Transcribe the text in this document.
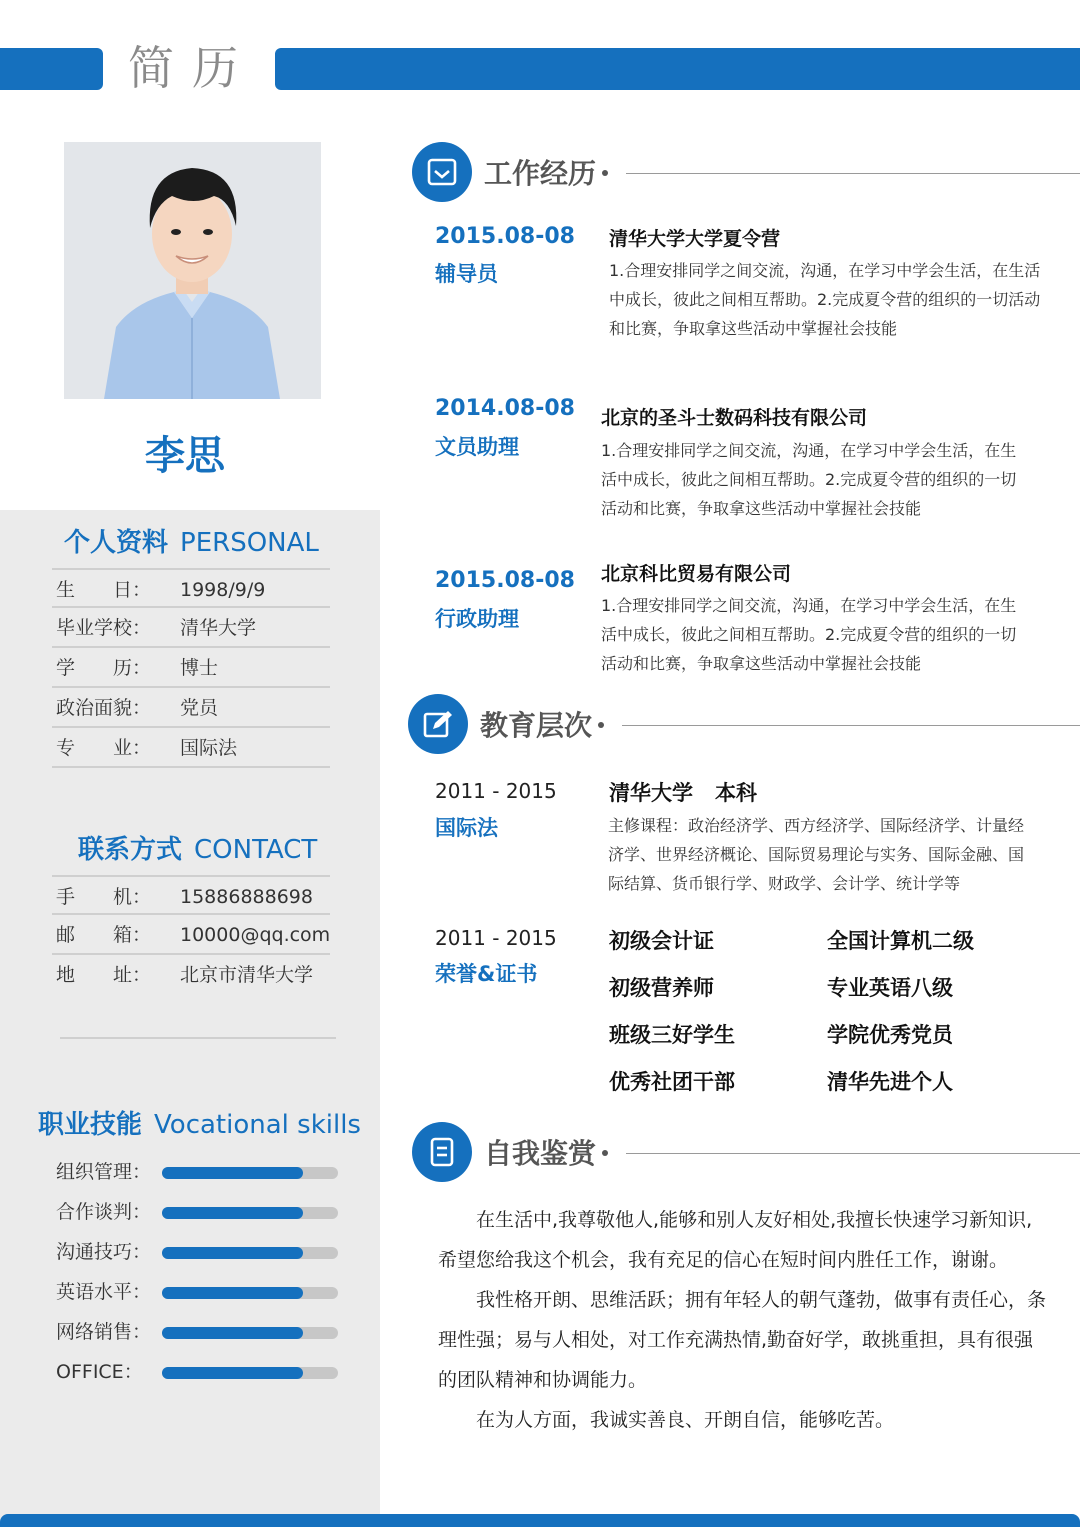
简历
李思
个人资料 PERSONAL
生　　日：	1998/9/9
毕业学校：	清华大学
学　　历：	博士
政治面貌：	党员
专　　业：	国际法
联系方式 CONTACT
手　　机：	15886888698
邮　　箱：	10000@qq.com
地　　址：	北京市清华大学
职业技能 Vocational skills
组织管理：
合作谈判：
沟通技巧：
英语水平：
网络销售：
OFFICE：
工作经历
2015.08-08
辅导员
清华大学大学夏令营
1.合理安排同学之间交流，沟通，在学习中学会生活，在生活
中成长，彼此之间相互帮助。2.完成夏令营的组织的一切活动
和比赛，争取拿这些活动中掌握社会技能
2014.08-08
文员助理
北京的圣斗士数码科技有限公司
1.合理安排同学之间交流，沟通，在学习中学会生活，在生
活中成长，彼此之间相互帮助。2.完成夏令营的组织的一切
活动和比赛，争取拿这些活动中掌握社会技能
2015.08-08
行政助理
北京科比贸易有限公司
1.合理安排同学之间交流，沟通，在学习中学会生活，在生
活中成长，彼此之间相互帮助。2.完成夏令营的组织的一切
活动和比赛，争取拿这些活动中掌握社会技能
教育层次
2011 - 2015
国际法
清华大学 本科
主修课程：政治经济学、西方经济学、国际经济学、计量经
济学、世界经济概论、国际贸易理论与实务、国际金融、国
际结算、货币银行学、财政学、会计学、统计学等
2011 - 2015
荣誉&证书
初级会计证	全国计算机二级
初级营养师	专业英语八级
班级三好学生	学院优秀党员
优秀社团干部	清华先进个人
自我鉴赏
在生活中,我尊敬他人,能够和别人友好相处,我擅长快速学习新知识,希望您给我这个机会，我有充足的信心在短时间内胜任工作，谢谢。
我性格开朗、思维活跃；拥有年轻人的朝气蓬勃，做事有责任心，条理性强；易与人相处，对工作充满热情,勤奋好学，敢挑重担，具有很强的团队精神和协调能力。
在为人方面，我诚实善良、开朗自信，能够吃苦。
